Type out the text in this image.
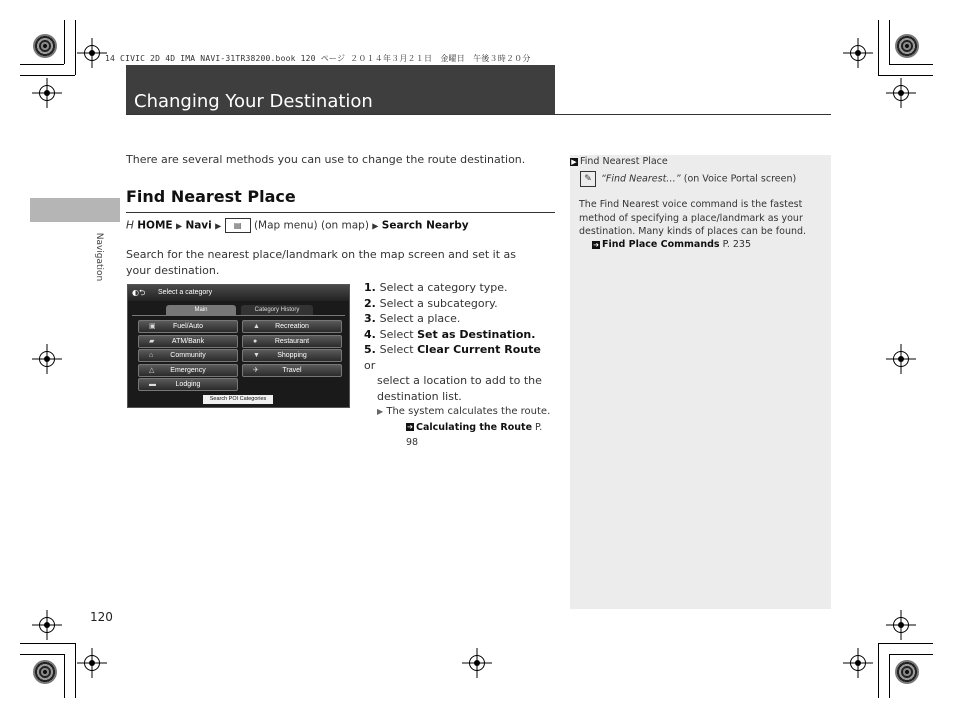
14 CIVIC 2D 4D IMA NAVI-31TR38200.book 120 ページ ２０１４年３月２１日　金曜日　午後３時２０分
Changing Your Destination
Navigation
There are several methods you can use to change the route destination.
Find Nearest Place
H HOME ▶ Navi ▶ ▤ (Map menu) (on map) ▶ Search Nearby
Search for the nearest place/landmark on the map screen and set it as your destination.
◐⮌ Select a category
Main	Category History
▣ Fuel/Auto
▰	ATM/Bank
⌂ Community
△ Emergency
▬	Lodging
▲ Recreation
●	Restaurant
▼ Shopping
✈	Travel
Search POI Categories
1. Select a category type.
2. Select a subcategory.
3. Select a place.
4. Select Set as Destination.
5. Select Clear Current Route or
select a location to add to the
destination list.
▶ The system calculates the route.
➔ Calculating the Route P. 98
▶ Find Nearest Place
✎ “Find Nearest…” (on Voice Portal screen)
The Find Nearest voice command is the fastest method of specifying a place/landmark as your destination. Many kinds of places can be found.
➔ Find Place Commands P. 235
120
